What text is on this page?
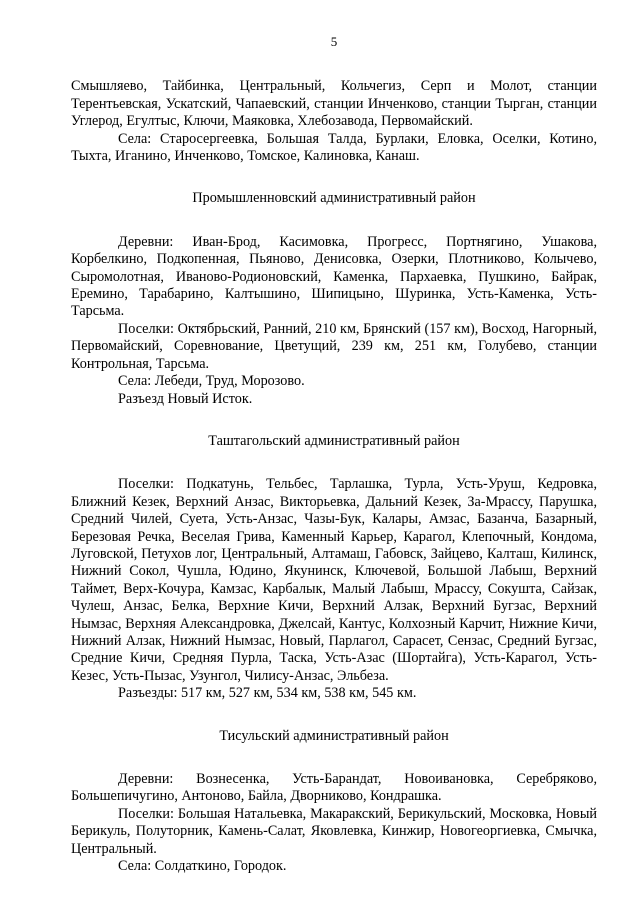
5

Смышляево, Тайбинка, Центральный, Кольчегиз, Серп и Молот, станции Терентьевская, Ускатский, Чапаевский, станции Инченково, станции Тырган, станции Углерод, Егултыс, Ключи, Маяковка, Хлебозавода, Первомайский.

Села: Старосергеевка, Большая Талда, Бурлаки, Еловка, Оселки, Котино, Тыхта, Иганино, Инченково, Томское, Калиновка, Канаш.

Промышленновский административный район

Деревни: Иван-Брод, Касимовка, Прогресс, Портнягино, Ушакова, Корбелкино, Подкопенная, Пьяново, Денисовка, Озерки, Плотниково, Колычево, Сыромолотная, Иваново-Родионовский, Каменка, Пархаевка, Пушкино, Байрак, Еремино, Тарабарино, Калтышино, Шипицыно, Шуринка, Усть-Каменка, Усть-Тарсьма.

Поселки: Октябрьский, Ранний, 210 км, Брянский (157 км), Восход, Нагорный, Первомайский, Соревнование, Цветущий, 239 км, 251 км, Голубево, станции Контрольная, Тарсьма.

Села: Лебеди, Труд, Морозово.

Разъезд Новый Исток.

Таштагольский административный район

Поселки: Подкатунь, Тельбес, Тарлашка, Турла, Усть-Уруш, Кедровка, Ближний Кезек, Верхний Анзас, Викторьевка, Дальний Кезек, За-Мрассу, Парушка, Средний Чилей, Суета, Усть-Анзас, Чазы-Бук, Калары, Амзас, Базанча, Базарный, Березовая Речка, Веселая Грива, Каменный Карьер, Карагол, Клепочный, Кондома, Луговской, Петухов лог, Центральный, Алтамаш, Габовск, Зайцево, Калташ, Килинск, Нижний Сокол, Чушла, Юдино, Якунинск, Ключевой, Большой Лабыш, Верхний Таймет, Верх-Кочура, Камзас, Карбалык, Малый Лабыш, Мрассу, Сокушта, Сайзак, Чулеш, Анзас, Белка, Верхние Кичи, Верхний Алзак, Верхний Бугзас, Верхний Нымзас, Верхняя Александровка, Джелсай, Кантус, Колхозный Карчит, Нижние Кичи, Нижний Алзак, Нижний Нымзас, Новый, Парлагол, Сарасет, Сензас, Средний Бугзас, Средние Кичи, Средняя Пурла, Таска, Усть-Азас (Шортайга), Усть-Карагол, Усть-Кезес, Усть-Пызас, Узунгол, Чилису-Анзас, Эльбеза.

Разъезды: 517 км, 527 км, 534 км, 538 км, 545 км.

Тисульский административный район

Деревни: Вознесенка, Усть-Барандат, Новоивановка, Серебряково, Большепичугино, Антоново, Байла, Дворниково, Кондрашка.

Поселки: Большая Натальевка, Макаракский, Берикульский, Московка, Новый Берикуль, Полуторник, Камень-Салат, Яковлевка, Кинжир, Новогеоргиевка, Смычка, Центральный.

Села: Солдаткино, Городок.
